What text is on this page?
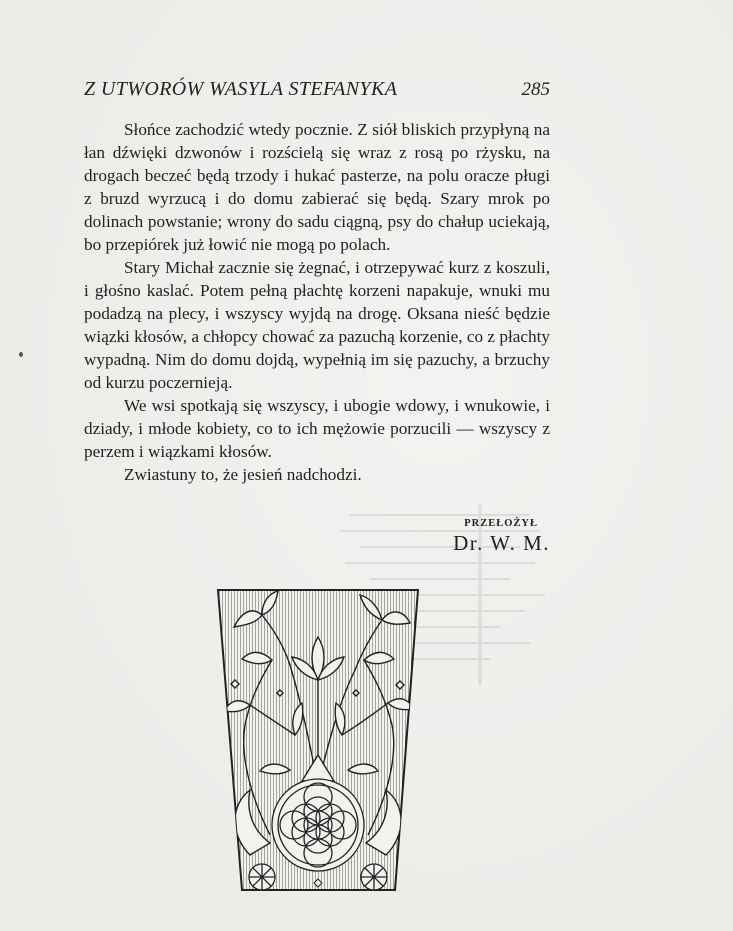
Z UTWORÓW WASYLA STEFANYKA	285

Słońce zachodzić wtedy pocznie. Z siół bliskich przypłyną na łan dźwięki dzwonów i rozścielą się wraz z rosą po rżysku, na drogach beczeć będą trzody i hukać pasterze, na polu oracze pługi z bruzd wyrzucą i do domu zabierać się będą. Szary mrok po dolinach powstanie; wrony do sadu ciągną, psy do chałup uciekają, bo przepiórek już łowić nie mogą po polach.

Stary Michał zacznie się żegnać, i otrzepywać kurz z koszuli, i głośno kaslać. Potem pełną płachtę korzeni napakuje, wnuki mu podadzą na plecy, i wszyscy wyjdą na drogę. Oksana nieść będzie wiązki kłosów, a chłopcy chować za pazuchą korzenie, co z płachty wypadną. Nim do domu dojdą, wypełnią im się pazuchy, a brzuchy od kurzu poczernieją.

We wsi spotkają się wszyscy, i ubogie wdowy, i wnukowie, i dziady, i młode kobiety, co to ich mężowie porzucili — wszyscy z perzem i wiązkami kłosów.

Zwiastuny to, że jesień nadchodzi.

PRZEŁOŻYŁ
Dr. W. M.
